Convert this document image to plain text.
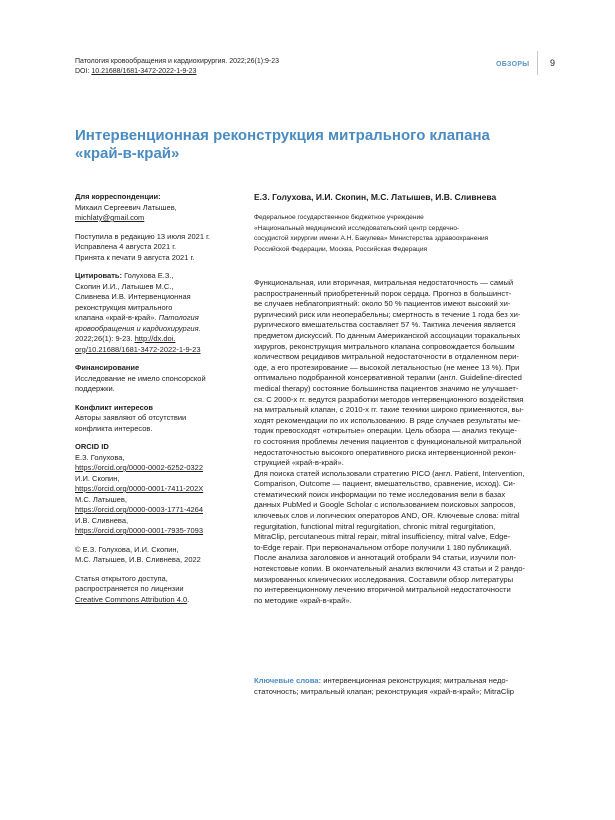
Патология кровообращения и кардиохирургия. 2022;26(1):9-23
DOI: 10.21688/1681-3472-2022-1-9-23
ОБЗОРЫ 9
Интервенционная реконструкция митрального клапана
«край-в-край»
Для корреспонденции:
Михаил Сергеевич Латышев,
michlaty@gmail.com
Поступила в редакцию 13 июля 2021 г.
Исправлена 4 августа 2021 г.
Принята к печати 9 августа 2021 г.
Цитировать: Голухова Е.З.,
Скопин И.И., Латышев М.С.,
Сливнева И.В. Интервенционная
реконструкция митрального
клапана «край-в-край». Патология
кровообращения и кардиохирургия.
2022;26(1): 9-23. http://dx.doi.
org/10.21688/1681-3472-2022-1-9-23
Финансирование
Исследование не имело спонсорской
поддержки.
Конфликт интересов
Авторы заявляют об отсутствии
конфликта интересов.
ORCID ID
Е.З. Голухова,
https://orcid.org/0000-0002-6252-0322
И.И. Скопин,
https://orcid.org/0000-0001-7411-202X
М.С. Латышев,
https://orcid.org/0000-0003-1771-4264
И.В. Сливнева,
https://orcid.org/0000-0001-7935-7093
© Е.З. Голухова, И.И. Скопин,
М.С. Латышев, И.В. Сливнева, 2022
Статья открытого доступа,
распространяется по лицензии
Creative Commons Attribution 4.0.
Е.З. Голухова, И.И. Скопин, М.С. Латышев, И.В. Сливнева
Федеральное государственное бюджетное учреждение
«Национальный медицинский исследовательский центр сердечно-
сосудистой хирургии имени А.Н. Бакулева» Министерства здравоохранения
Российской Федерации, Москва, Российская Федерация
Функциональная, или вторичная, митральная недостаточность — самый
распространенный приобретенный порок сердца. Прогноз в большинст-
ве случаев неблагоприятный: около 50 % пациентов имеют высокий хи-
рургический риск или неоперабельны; смертность в течение 1 года без хи-
рургического вмешательства составляет 57 %. Тактика лечения является
предметом дискуссий. По данным Американской ассоциации торакальных
хирургов, реконструкция митрального клапана сопровождается большим
количеством рецидивов митральной недостаточности в отдаленном пери-
оде, а его протезирование — высокой летальностью (не менее 13 %). При
оптимально подобранной консервативной терапии (англ. Guideline-directed
medical therapy) состояние большинства пациентов значимо не улучшает-
ся. С 2000-х гг. ведутся разработки методов интервенционного воздействия
на митральный клапан, с 2010-х гг. такие техники широко применяются, вы-
ходят рекомендации по их использованию. В ряде случаев результаты ме-
тодик превосходят «открытые» операции. Цель обзора — анализ текуще-
го состояния проблемы лечения пациентов с функциональной митральной
недостаточностью высокого оперативного риска интервенционной рекон-
струкцией «край-в-край».
Для поиска статей использовали стратегию PICO (англ. Patient, Intervention,
Comparison, Outcome — пациент, вмешательство, сравнение, исход). Си-
стематический поиск информации по теме исследования вели в базах
данных PubMed и Google Scholar с использованием поисковых запросов,
ключевых слов и логических операторов AND, OR. Ключевые слова: mitral
regurgitation, functional mitral regurgitation, chronic mitral regurgitation,
MitraClip, percutaneous mitral repair, mitral insufficiency, mitral valve, Edge-
to-Edge repair. При первоначальном отборе получили 1 180 публикаций.
После анализа заголовков и аннотаций отобрали 94 статьи, изучили пол-
нотекстовые копии. В окончательный анализ включили 43 статьи и 2 рандо-
мизированных клинических исследования. Составили обзор литературы
по интервенционному лечению вторичной митральной недостаточности
по методике «край-в-край».
Ключевые слова: интервенционная реконструкция; митральная недо-
статочность; митральный клапан; реконструкция «край-в-край»; MitraClip
